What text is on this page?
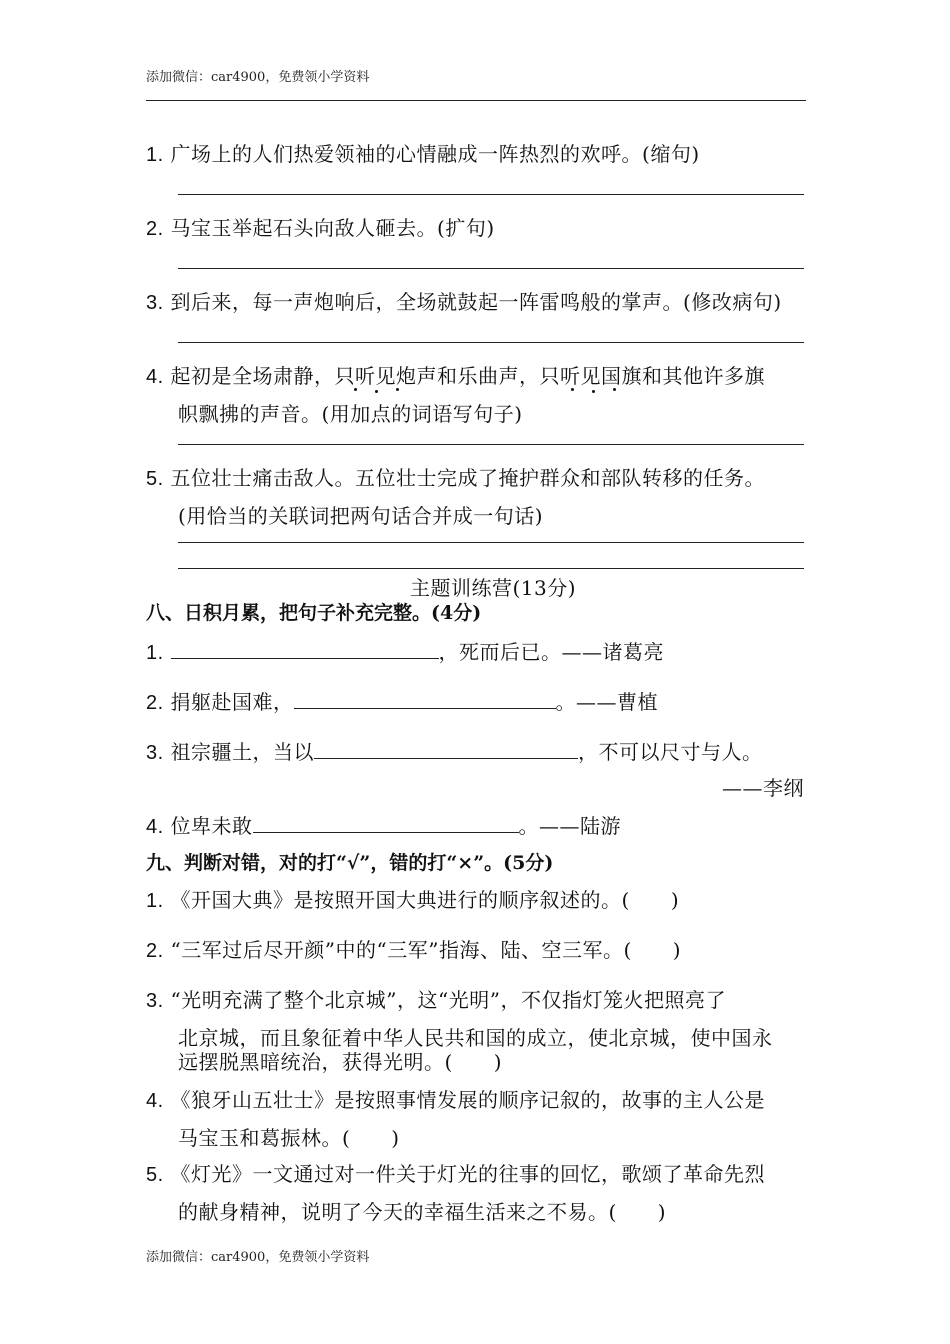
添加微信：car4900，免费领小学资料
1. 广场上的人们热爱领袖的心情融成一阵热烈的欢呼。(缩句)
2. 马宝玉举起石头向敌人砸去。(扩句)
3. 到后来，每一声炮响后，全场就鼓起一阵雷鸣般的掌声。(修改病句)
4. 起初是全场肃静，只听见炮声和乐曲声，只听见国旗和其他许多旗
帜飘拂的声音。(用加点的词语写句子)
5. 五位壮士痛击敌人。五位壮士完成了掩护群众和部队转移的任务。
(用恰当的关联词把两句话合并成一句话)
主题训练营(13分)
八、日积月累，把句子补充完整。(4分)
1.	，死而后已。——诸葛亮
2. 捐躯赴国难，	。——曹植
3. 祖宗疆土，当以	，不可以尺寸与人。
——李纲
4. 位卑未敢	。——陆游
九、判断对错，对的打“√”，错的打“×”。(5分)
1. 《开国大典》是按照开国大典进行的顺序叙述的。(　　)
2. “三军过后尽开颜”中的“三军”指海、陆、空三军。(　　)
3. “光明充满了整个北京城”，这“光明”，不仅指灯笼火把照亮了
北京城，而且象征着中华人民共和国的成立，使北京城，使中国永
远摆脱黑暗统治，获得光明。(　　)
4. 《狼牙山五壮士》是按照事情发展的顺序记叙的，故事的主人公是
马宝玉和葛振林。(　　)
5. 《灯光》一文通过对一件关于灯光的往事的回忆，歌颂了革命先烈
的献身精神，说明了今天的幸福生活来之不易。(　　)
添加微信：car4900，免费领小学资料
